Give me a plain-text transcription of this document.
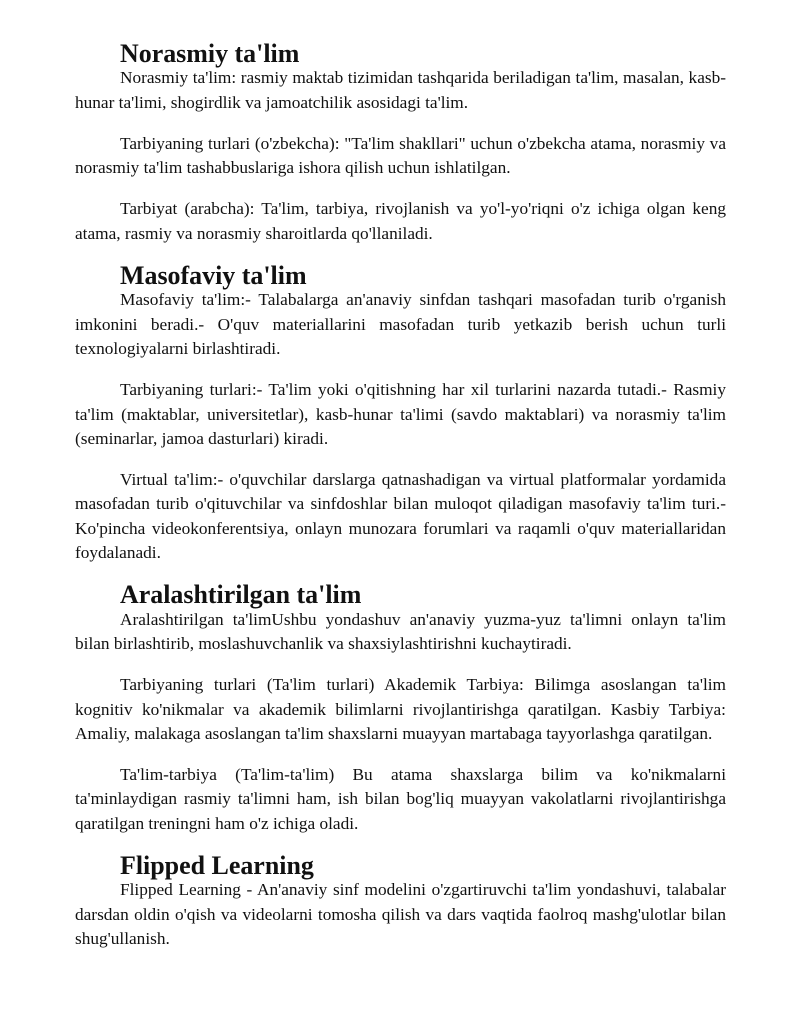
Norasmiy ta'lim

Norasmiy ta'lim: rasmiy maktab tizimidan tashqarida beriladigan ta'lim, masalan, kasb-hunar ta'limi, shogirdlik va jamoatchilik asosidagi ta'lim.

Tarbiyaning turlari (o'zbekcha): "Ta'lim shakllari" uchun o'zbekcha atama, norasmiy va norasmiy ta'lim tashabbuslariga ishora qilish uchun ishlatilgan.

Tarbiyat (arabcha): Ta'lim, tarbiya, rivojlanish va yo'l-yo'riqni o'z ichiga olgan keng atama, rasmiy va norasmiy sharoitlarda qo'llaniladi.

Masofaviy ta'lim

Masofaviy ta'lim:- Talabalarga an'anaviy sinfdan tashqari masofadan turib o'rganish imkonini beradi.- O'quv materiallarini masofadan turib yetkazib berish uchun turli texnologiyalarni birlashtiradi.

Tarbiyaning turlari:- Ta'lim yoki o'qitishning har xil turlarini nazarda tutadi.- Rasmiy ta'lim (maktablar, universitetlar), kasb-hunar ta'limi (savdo maktablari) va norasmiy ta'lim (seminarlar, jamoa dasturlari) kiradi.

Virtual ta'lim:- o'quvchilar darslarga qatnashadigan va virtual platformalar yordamida masofadan turib o'qituvchilar va sinfdoshlar bilan muloqot qiladigan masofaviy ta'lim turi.- Ko'pincha videokonferentsiya, onlayn munozara forumlari va raqamli o'quv materiallaridan foydalanadi.

Aralashtirilgan ta'lim

Aralashtirilgan ta'limUshbu yondashuv an'anaviy yuzma-yuz ta'limni onlayn ta'lim bilan birlashtirib, moslashuvchanlik va shaxsiylashtirishni kuchaytiradi.

Tarbiyaning turlari (Ta'lim turlari) Akademik Tarbiya: Bilimga asoslangan ta'lim kognitiv ko'nikmalar va akademik bilimlarni rivojlantirishga qaratilgan. Kasbiy Tarbiya: Amaliy, malakaga asoslangan ta'lim shaxslarni muayyan martabaga tayyorlashga qaratilgan.

Ta'lim-tarbiya (Ta'lim-ta'lim) Bu atama shaxslarga bilim va ko'nikmalarni ta'minlaydigan rasmiy ta'limni ham, ish bilan bog'liq muayyan vakolatlarni rivojlantirishga qaratilgan treningni ham o'z ichiga oladi.

Flipped Learning

Flipped Learning - An'anaviy sinf modelini o'zgartiruvchi ta'lim yondashuvi, talabalar darsdan oldin o'qish va videolarni tomosha qilish va dars vaqtida faolroq mashg'ulotlar bilan shug'ullanish.
